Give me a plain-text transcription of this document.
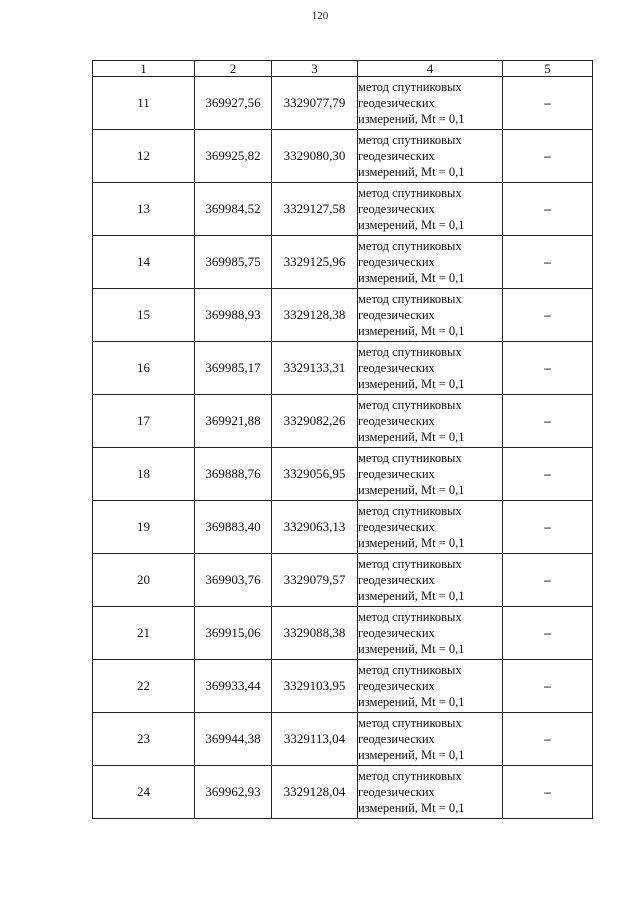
120
1	2	3	4	5
11	369927,56	3329077,79	метод спутниковых
геодезических
измерений, Mt = 0,1	–
12	369925,82	3329080,30	метод спутниковых
геодезических
измерений, Mt = 0,1	–
13	369984,52	3329127,58	метод спутниковых
геодезических
измерений, Mt = 0,1	–
14	369985,75	3329125,96	метод спутниковых
геодезических
измерений, Mt = 0,1	–
15	369988,93	3329128,38	метод спутниковых
геодезических
измерений, Mt = 0,1	–
16	369985,17	3329133,31	метод спутниковых
геодезических
измерений, Mt = 0,1	–
17	369921,88	3329082,26	метод спутниковых
геодезических
измерений, Mt = 0,1	–
18	369888,76	3329056,95	метод спутниковых
геодезических
измерений, Mt = 0,1	–
19	369883,40	3329063,13	метод спутниковых
геодезических
измерений, Mt = 0,1	–
20	369903,76	3329079,57	метод спутниковых
геодезических
измерений, Mt = 0,1	–
21	369915,06	3329088,38	метод спутниковых
геодезических
измерений, Mt = 0,1	–
22	369933,44	3329103,95	метод спутниковых
геодезических
измерений, Mt = 0,1	–
23	369944,38	3329113,04	метод спутниковых
геодезических
измерений, Mt = 0,1	–
24	369962,93	3329128,04	метод спутниковых
геодезических
измерений, Mt = 0,1	–
